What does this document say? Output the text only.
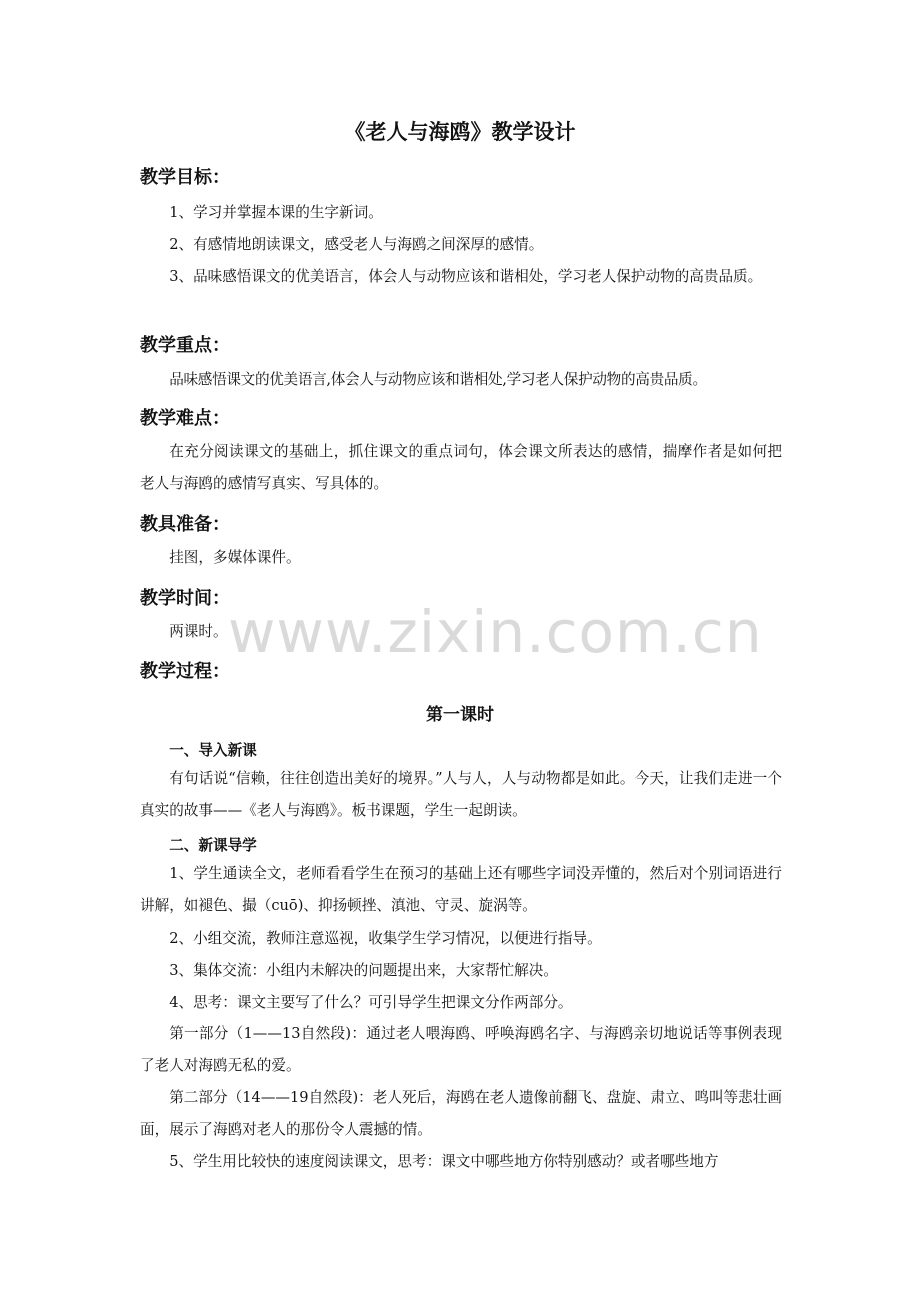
《老人与海鸥》教学设计
教学目标：
1、学习并掌握本课的生字新词。
2、有感情地朗读课文，感受老人与海鸥之间深厚的感情。
3、品味感悟课文的优美语言，体会人与动物应该和谐相处，学习老人保护动物的高贵品质。
教学重点：
品味感悟课文的优美语言,体会人与动物应该和谐相处,学习老人保护动物的高贵品质。
教学难点：
在充分阅读课文的基础上，抓住课文的重点词句，体会课文所表达的感情，揣摩作者是如何把老人与海鸥的感情写真实、写具体的。
教具准备：
挂图，多媒体课件。
教学时间：
两课时。
教学过程：
第一课时
一、导入新课
有句话说“信赖，往往创造出美好的境界。”人与人，人与动物都是如此。今天，让我们走进一个真实的故事——《老人与海鸥》。板书课题，学生一起朗读。
二、新课导学
1、学生通读全文，老师看看学生在预习的基础上还有哪些字词没弄懂的，然后对个别词语进行讲解，如褪色、撮（cuō)、抑扬顿挫、滇池、守灵、旋涡等。
2、小组交流，教师注意巡视，收集学生学习情况，以便进行指导。
3、集体交流：小组内未解决的问题提出来，大家帮忙解决。
4、思考：课文主要写了什么？可引导学生把课文分作两部分。
第一部分（1——13自然段)：通过老人喂海鸥、呼唤海鸥名字、与海鸥亲切地说话等事例表现了老人对海鸥无私的爱。
第二部分（14——19自然段)：老人死后，海鸥在老人遗像前翻飞、盘旋、肃立、鸣叫等悲壮画面，展示了海鸥对老人的那份令人震撼的情。
5、学生用比较快的速度阅读课文，思考：课文中哪些地方你特别感动？或者哪些地方
www.zixin.com.cn
